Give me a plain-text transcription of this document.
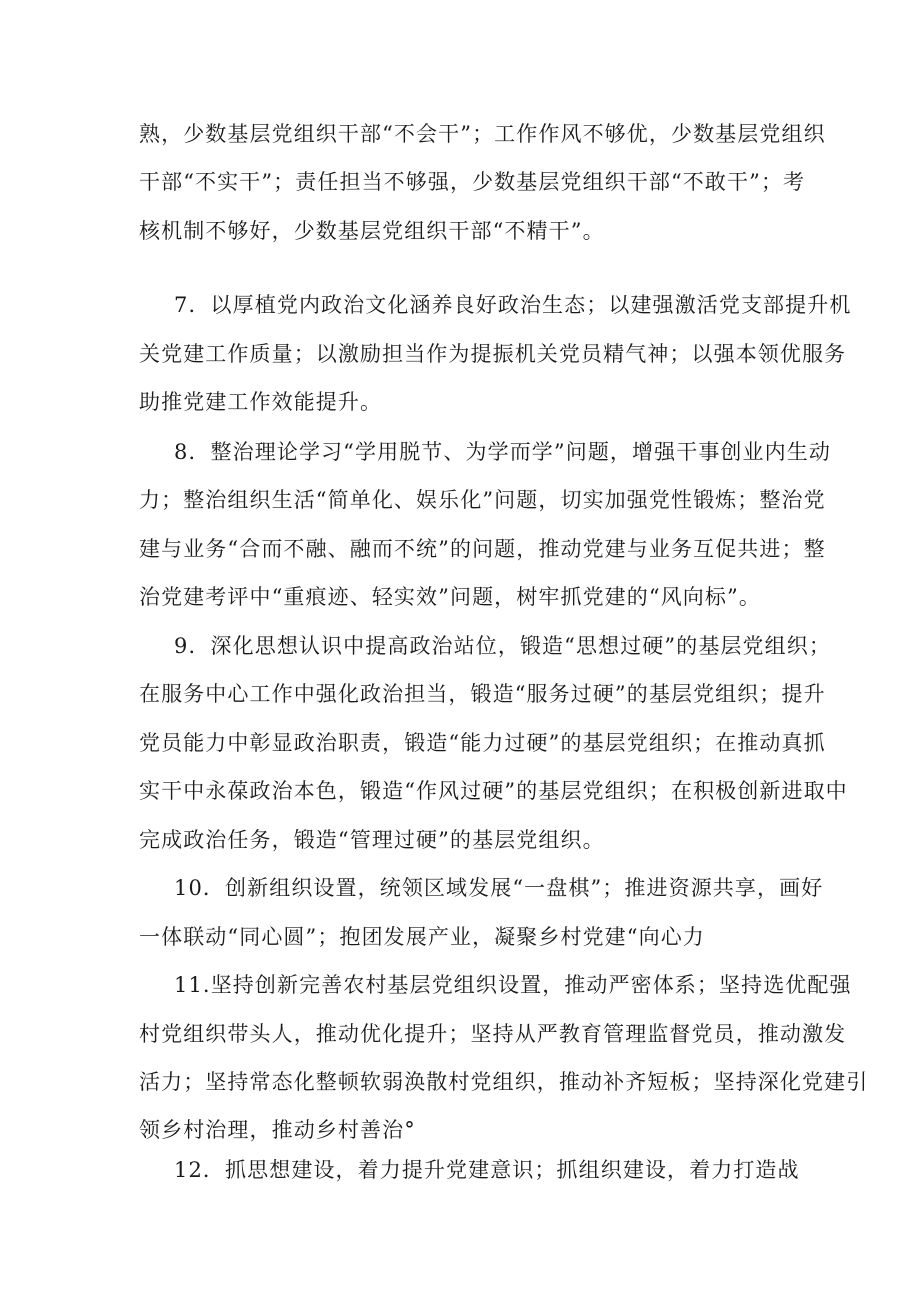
熟，少数基层党组织干部“不会干”；工作作风不够优，少数基层党组织
干部“不实干”；责任担当不够强，少数基层党组织干部“不敢干”；考
核机制不够好，少数基层党组织干部“不精干”。
7．以厚植党内政治文化涵养良好政治生态；以建强激活党支部提升机
关党建工作质量；以激励担当作为提振机关党员精气神；以强本领优服务
助推党建工作效能提升。
8．整治理论学习“学用脱节、为学而学”问题，增强干事创业内生动
力；整治组织生活“简单化、娱乐化”问题，切实加强党性锻炼；整治党
建与业务“合而不融、融而不统”的问题，推动党建与业务互促共进；整
治党建考评中“重痕迹、轻实效”问题，树牢抓党建的“风向标”。
9．深化思想认识中提高政治站位，锻造“思想过硬”的基层党组织；
在服务中心工作中强化政治担当，锻造“服务过硬”的基层党组织；提升
党员能力中彰显政治职责，锻造“能力过硬”的基层党组织；在推动真抓
实干中永葆政治本色，锻造“作风过硬”的基层党组织；在积极创新进取中
完成政治任务，锻造“管理过硬”的基层党组织。
10．创新组织设置，统领区域发展“一盘棋”；推进资源共享，画好
一体联动“同心圆”；抱团发展产业，凝聚乡村党建“向心力
11.坚持创新完善农村基层党组织设置，推动严密体系；坚持选优配强
村党组织带头人，推动优化提升；坚持从严教育管理监督党员，推动激发
活力；坚持常态化整顿软弱涣散村党组织，推动补齐短板；坚持深化党建引
领乡村治理，推动乡村善治°
12．抓思想建设，着力提升党建意识；抓组织建设，着力打造战
